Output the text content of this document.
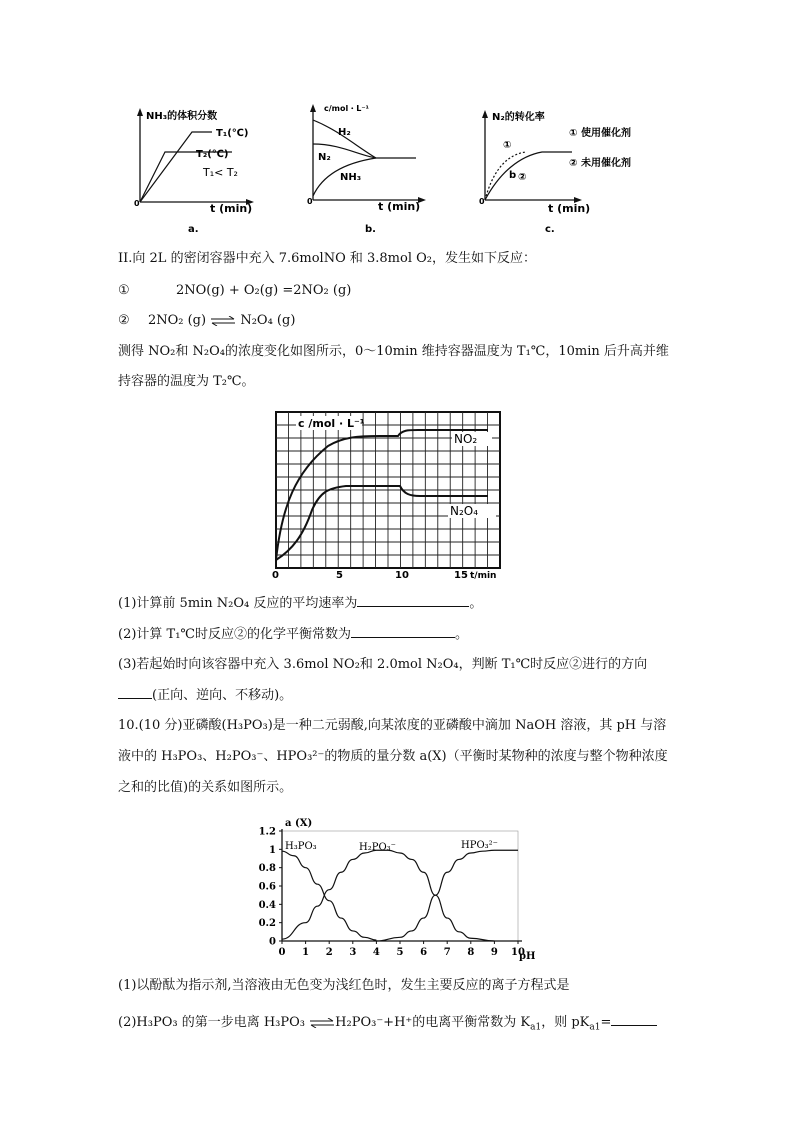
NH₃的体积分数
T₁(℃)
T₂(℃)
T₁< T₂
0	t (min)
a.
c/mol・L⁻¹
H₂
N₂
NH₃
0	t (min)
b.
N₂的转化率
①
b ②
① 使用催化剂
② 未用催化剂
0
t (min)
c.
II.向 2L 的密闭容器中充入 7.6molNO 和 3.8mol O₂，发生如下反应：
①	2NO(g) + O₂(g) =2NO₂ (g)
② 2NO₂ (g) ⇌ N₂O₄ (g)
测得 NO₂和 N₂O₄的浓度变化如图所示，0～10min 维持容器温度为 T₁℃，10min 后升高并维
持容器的温度为 T₂℃。
c /mol · L⁻¹
NO₂
N₂O₄
0	5	10	15 t/min
(1)计算前 5min N₂O₄ 反应的平均速率为	。
(2)计算 T₁℃时反应②的化学平衡常数为	。
(3)若起始时向该容器中充入 3.6mol NO₂和 2.0mol N₂O₄，判断 T₁℃时反应②进行的方向
(正向、逆向、不移动)。
10.(10 分)亚磷酸(H₃PO₃)是一种二元弱酸,向某浓度的亚磷酸中滴加 NaOH 溶液，其 pH 与溶
液中的 H₃PO₃、H₂PO₃⁻、HPO₃²⁻的物质的量分数 a(X)（平衡时某物种的浓度与整个物种浓度
之和的比值)的关系如图所示。
0 1 2 3 4 5 6 7 8 9 10
0
0.2
0.4
0.6
0.8
1
1.2
a (X)
pH
H₃PO₃	H₂PO₃⁻	HPO₃²⁻
(1)以酚酞为指示剂,当溶液由无色变为浅红色时，发生主要反应的离子方程式是
(2)H₃PO₃ 的第一步电离 H₃PO₃ ⇌H₂PO₃⁻+H⁺的电离平衡常数为 $K_{a1}$，则 $pK_{a1}=$
